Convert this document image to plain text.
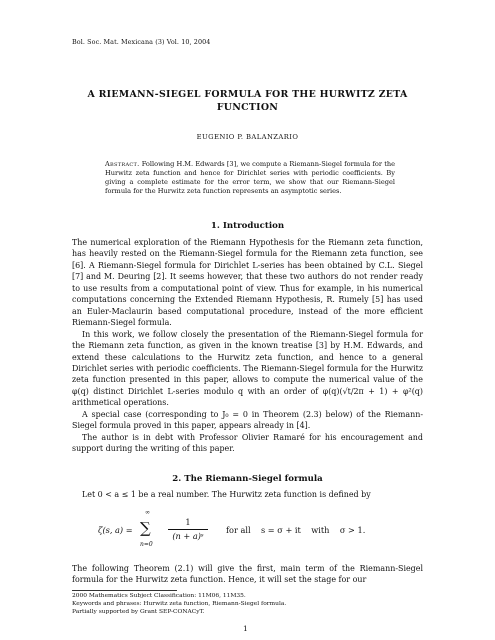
Bol. Soc. Mat. Mexicana (3) Vol. 10, 2004
A RIEMANN-SIEGEL FORMULA FOR THE HURWITZ ZETA
FUNCTION
EUGENIO P. BALANZARIO
Abstract. Following H.M. Edwards [3], we compute a Riemann-Siegel formula for the Hurwitz zeta function and hence for Dirichlet series with periodic coefficients. By giving a complete estimate for the error term, we show that our Riemann-Siegel formula for the Hurwitz zeta function represents an asymptotic series.
1. Introduction
The numerical exploration of the Riemann Hypothesis for the Riemann zeta function, has heavily rested on the Riemann-Siegel formula for the Riemann zeta function, see [6]. A Riemann-Siegel formula for Dirichlet L-series has been obtained by C.L. Siegel [7] and M. Deuring [2]. It seems however, that these two authors do not render ready to use results from a computational point of view. Thus for example, in his numerical computations concerning the Extended Riemann Hypothesis, R. Rumely [5] has used an Euler-Maclaurin based computational procedure, instead of the more efficient Riemann-Siegel formula.
In this work, we follow closely the presentation of the Riemann-Siegel formula for the Riemann zeta function, as given in the known treatise [3] by H.M. Edwards, and extend these calculations to the Hurwitz zeta function, and hence to a general Dirichlet series with periodic coefficients. The Riemann-Siegel formula for the Hurwitz zeta function presented in this paper, allows to compute the numerical value of the φ(q) distinct Dirichlet L-series modulo q with an order of φ(q)(√t/2π + 1) + φ²(q) arithmetical operations.
A special case (corresponding to J₀ = 0 in Theorem (2.3) below) of the Riemann-Siegel formula proved in this paper, appears already in [4].
The author is in debt with Professor Olivier Ramaré for his encouragement and support during the writing of this paper.
2. The Riemann-Siegel formula
Let 0 < a ≤ 1 be a real number. The Hurwitz zeta function is defined by
ζ(s, a) =
∞
∑
n=0
1
(n + a)ˢ
for all    s = σ + it    with    σ > 1.
The following Theorem (2.1) will give the first, main term of the Riemann-Siegel formula for the Hurwitz zeta function. Hence, it will set the stage for our
2000 Mathematics Subject Classification: 11M06, 11M35.
Keywords and phrases: Hurwitz zeta function, Riemann-Siegel formula.
Partially supported by Grant SEP-CONACyT.
1
